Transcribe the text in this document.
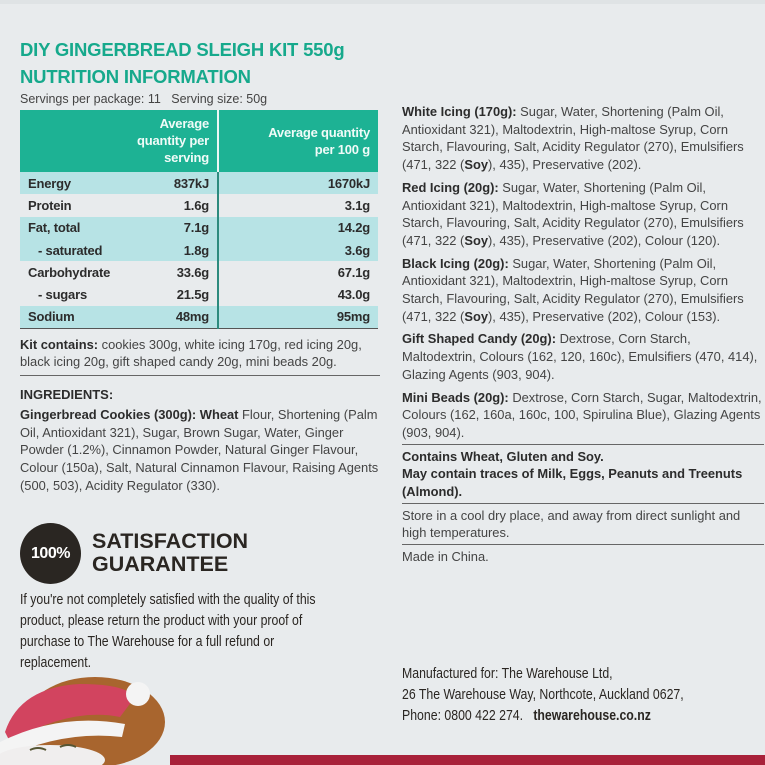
DIY GINGERBREAD SLEIGH KIT 550g
NUTRITION INFORMATION
Servings per package: 11   Serving size: 50g
Average quantity per serving	Average quantity per 100 g

Energy 837kJ	1670kJ

Protein 1.6g	3.1g

Fat, total 7.1g	14.2g

- saturated 1.8g	3.6g

Carbohydrate 33.6g	67.1g

- sugars 21.5g	43.0g

Sodium 48mg	95mg
Kit contains: cookies 300g, white icing 170g, red icing 20g, black icing 20g, gift shaped candy 20g, mini beads 20g.
INGREDIENTS:
Gingerbread Cookies (300g): Wheat Flour, Shortening (Palm Oil, Antioxidant 321), Sugar, Brown Sugar, Water, Ginger Powder (1.2%), Cinnamon Powder, Natural Ginger Flavour, Colour (150a), Salt, Natural Cinnamon Flavour, Raising Agents (500, 503), Acidity Regulator (330).
100%	SATISFACTION
GUARANTEE
If you're not completely satisfied with the quality of this product, please return the product with your proof of purchase to The Warehouse for a full refund or replacement.
White Icing (170g): Sugar, Water, Shortening (Palm Oil, Antioxidant 321), Maltodextrin, High-maltose Syrup, Corn Starch, Flavouring, Salt, Acidity Regulator (270), Emulsifiers (471, 322 (Soy), 435), Preservative (202).
Red Icing (20g): Sugar, Water, Shortening (Palm Oil, Antioxidant 321), Maltodextrin, High-maltose Syrup, Corn Starch, Flavouring, Salt, Acidity Regulator (270), Emulsifiers (471, 322 (Soy), 435), Preservative (202), Colour (120).
Black Icing (20g): Sugar, Water, Shortening (Palm Oil, Antioxidant 321), Maltodextrin, High-maltose Syrup, Corn Starch, Flavouring, Salt, Acidity Regulator (270), Emulsifiers (471, 322 (Soy), 435), Preservative (202), Colour (153).
Gift Shaped Candy (20g): Dextrose, Corn Starch, Maltodextrin, Colours (162, 120, 160c), Emulsifiers (470, 414), Glazing Agents (903, 904).
Mini Beads (20g): Dextrose, Corn Starch, Sugar, Maltodextrin, Colours (162, 160a, 160c, 100, Spirulina Blue), Glazing Agents (903, 904).
Contains Wheat, Gluten and Soy.
May contain traces of Milk, Eggs, Peanuts and Treenuts (Almond).
Store in a cool dry place, and away from direct sunlight and high temperatures.
Made in China.
Manufactured for: The Warehouse Ltd,
26 The Warehouse Way, Northcote, Auckland 0627,
Phone: 0800 422 274. thewarehouse.co.nz
